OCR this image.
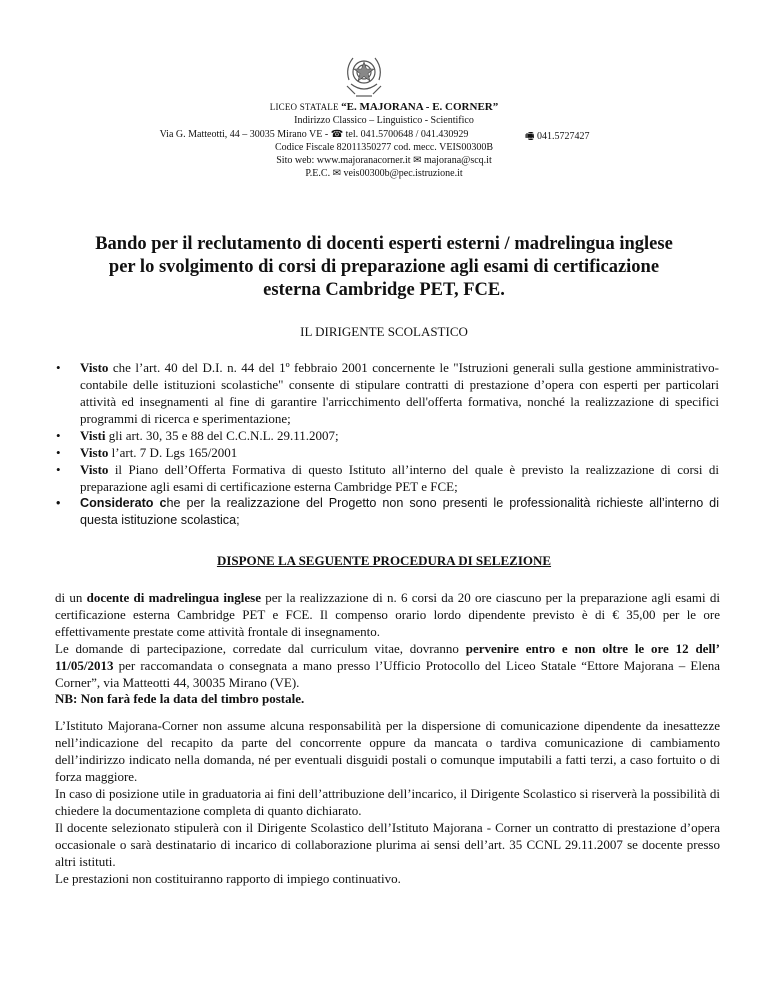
LICEO STATALE “E. MAJORANA - E. CORNER”
Indirizzo Classico – Linguistico - Scientifico
Via G. Matteotti, 44 – 30035 Mirano VE - ☎ tel. 041.5700648 / 041.430929
Codice Fiscale 82011350277 cod. mecc. VEIS00300B
Sito web: www.majoranacorner.it ✉ majorana@scq.it
P.E.C. ✉ veis00300b@pec.istruzione.it
🖷 041.5727427
Bando per il reclutamento di docenti esperti esterni / madrelingua inglese
per lo svolgimento di corsi di preparazione agli esami di certificazione
esterna Cambridge PET, FCE.
IL DIRIGENTE SCOLASTICO
• Visto che l’art. 40 del D.I. n. 44 del 1º febbraio 2001 concernente le "Istruzioni generali sulla gestione amministrativo-contabile delle istituzioni scolastiche" consente di stipulare contratti di prestazione d’opera con esperti per particolari attività ed insegnamenti al fine di garantire l'arricchimento dell'offerta formativa, nonché la realizzazione di specifici programmi di ricerca e sperimentazione;
• Visti gli art. 30, 35 e 88 del C.C.N.L. 29.11.2007;
• Visto l’art. 7 D. Lgs 165/2001
• Visto il Piano dell’Offerta Formativa di questo Istituto all’interno del quale è previsto la realizzazione di corsi di preparazione agli esami di certificazione esterna Cambridge PET e FCE;
• Considerato che per la realizzazione del Progetto non sono presenti le professionalità richieste all’interno di questa istituzione scolastica;
DISPONE LA SEGUENTE PROCEDURA DI SELEZIONE

di un docente di madrelingua inglese per la realizzazione di n. 6 corsi da 20 ore ciascuno per la preparazione agli esami di certificazione esterna Cambridge PET e FCE. Il compenso orario lordo dipendente previsto è di € 35,00 per le ore effettivamente prestate come attività frontale di insegnamento.

Le domande di partecipazione, corredate dal curriculum vitae, dovranno pervenire entro e non oltre le ore 12 dell’ 11/05/2013 per raccomandata o consegnata a mano presso l’Ufficio Protocollo del Liceo Statale “Ettore Majorana – Elena Corner”, via Matteotti 44, 30035 Mirano (VE).

NB: Non farà fede la data del timbro postale.

L’Istituto Majorana-Corner non assume alcuna responsabilità per la dispersione di comunicazione dipendente da inesattezze nell’indicazione del recapito da parte del concorrente oppure da mancata o tardiva comunicazione di cambiamento dell’indirizzo indicato nella domanda, né per eventuali disguidi postali o comunque imputabili a fatti terzi, a caso fortuito o di forza maggiore.

In caso di posizione utile in graduatoria ai fini dell’attribuzione dell’incarico, il Dirigente Scolastico si riserverà la possibilità di chiedere la documentazione completa di quanto dichiarato.

Il docente selezionato stipulerà con il Dirigente Scolastico dell’Istituto Majorana - Corner un contratto di prestazione d’opera occasionale o sarà destinatario di incarico di collaborazione plurima ai sensi dell’art. 35 CCNL 29.11.2007 se docente presso altri istituti.

Le prestazioni non costituiranno rapporto di impiego continuativo.
